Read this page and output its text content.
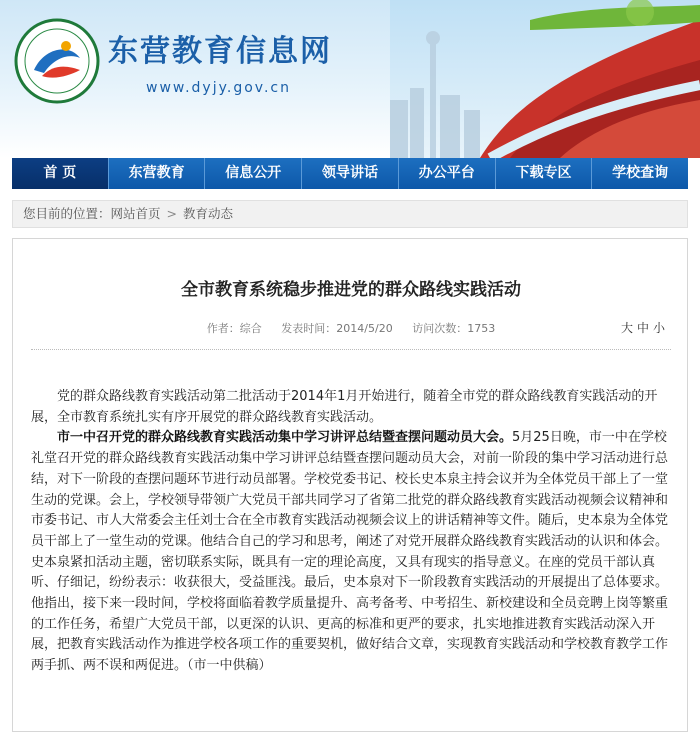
东营教育信息网
www.dyjy.gov.cn
首 页	东营教育	信息公开	领导讲话	办公平台	下载专区	学校查询
您目前的位置：网站首页 > 教育动态
全市教育系统稳步推进党的群众路线实践活动
作者：综合 发表时间：2014/5/20 访问次数：1753	大 中 小

党的群众路线教育实践活动第二批活动于2014年1月开始进行，随着全市党的群众路线教育实践活动的开展，全市教育系统扎实有序开展党的群众路线教育实践活动。

市一中召开党的群众路线教育实践活动集中学习讲评总结暨查摆问题动员大会。5月25日晚，市一中在学校礼堂召开党的群众路线教育实践活动集中学习讲评总结暨查摆问题动员大会，对前一阶段的集中学习活动进行总结，对下一阶段的查摆问题环节进行动员部署。学校党委书记、校长史本泉主持会议并为全体党员干部上了一堂生动的党课。会上，学校领导带领广大党员干部共同学习了省第二批党的群众路线教育实践活动视频会议精神和市委书记、市人大常委会主任刘士合在全市教育实践活动视频会议上的讲话精神等文件。随后，史本泉为全体党员干部上了一堂生动的党课。他结合自己的学习和思考，阐述了对党开展群众路线教育实践活动的认识和体会。史本泉紧扣活动主题，密切联系实际，既具有一定的理论高度，又具有现实的指导意义。在座的党员干部认真听、仔细记，纷纷表示：收获很大，受益匪浅。最后，史本泉对下一阶段教育实践活动的开展提出了总体要求。他指出，接下来一段时间，学校将面临着教学质量提升、高考备考、中考招生、新校建设和全员竞聘上岗等繁重的工作任务，希望广大党员干部，以更深的认识、更高的标准和更严的要求，扎实地推进教育实践活动深入开展，把教育实践活动作为推进学校各项工作的重要契机，做好结合文章，实现教育实践活动和学校教育教学工作两手抓、两不误和两促进。（市一中供稿）
